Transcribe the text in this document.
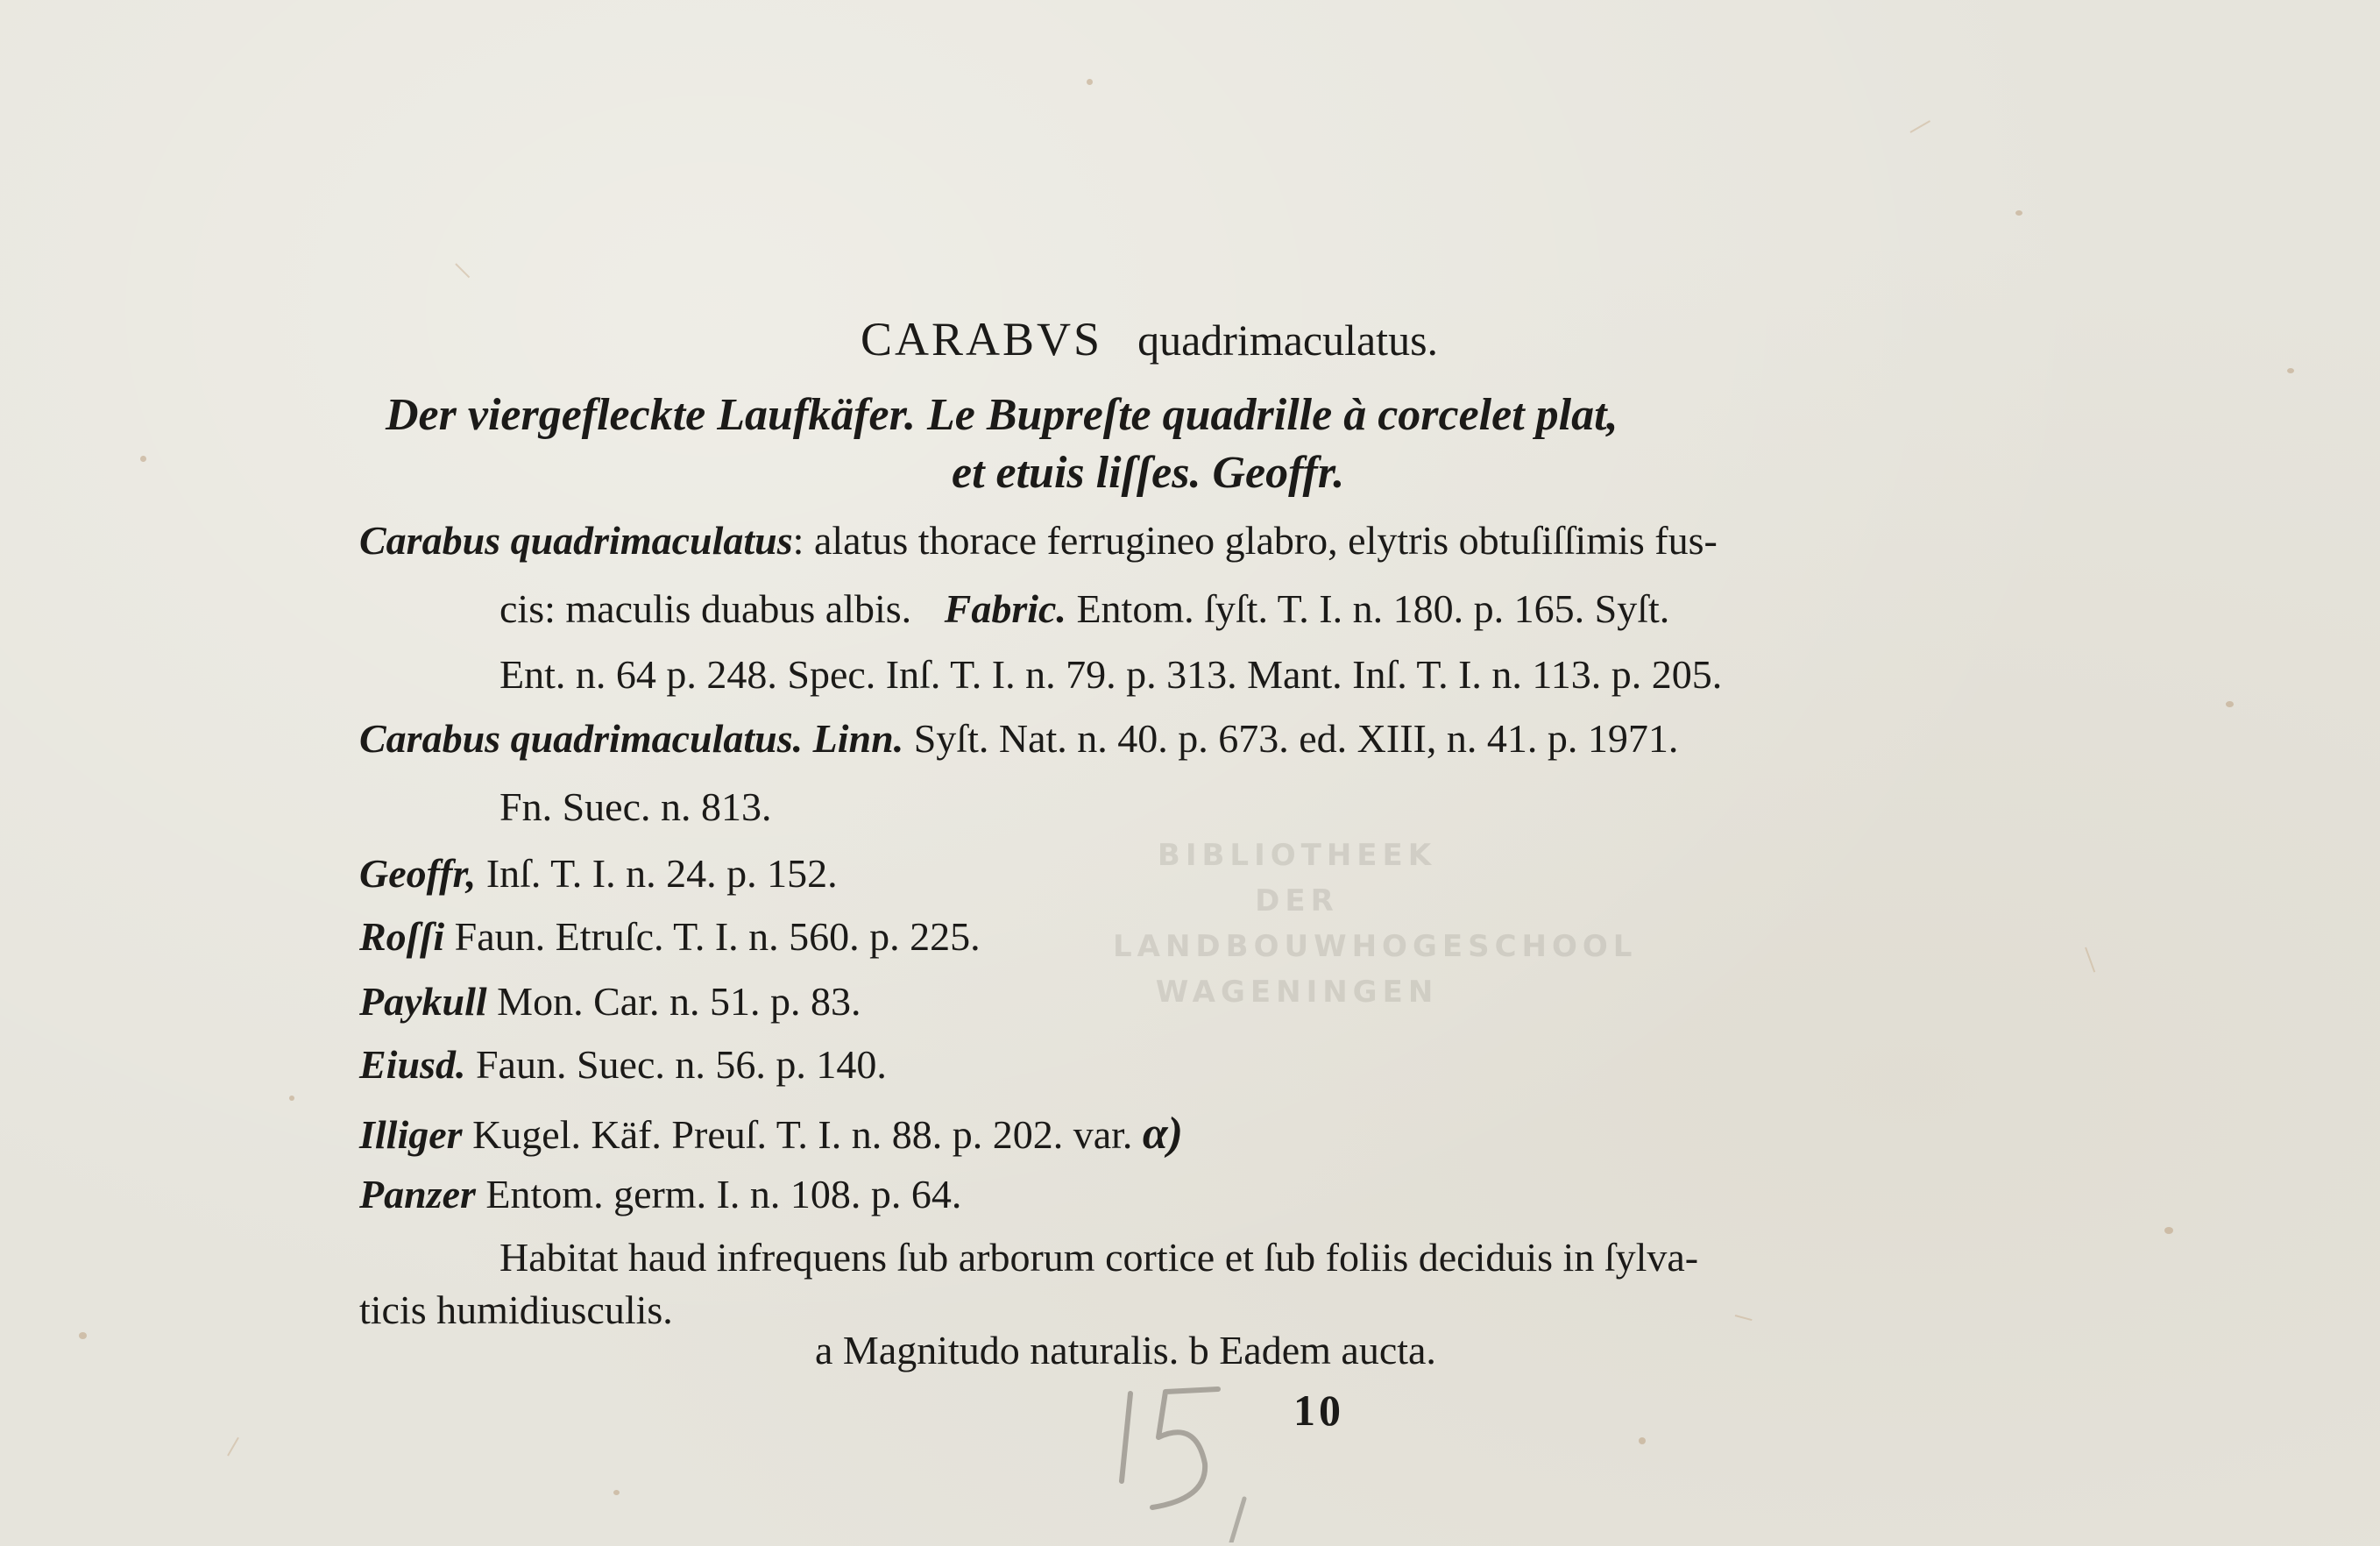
BIBLIOTHEEK
DER
LANDBOUWHOGESCHOOL
WAGENINGEN
CARABVS quadrimaculatus.
Der viergefleckte Laufkäfer. Le Bupreſte quadrille à corcelet plat,
et etuis liſſes. Geoffr.
Carabus quadrimaculatus: alatus thorace ferrugineo glabro, elytris obtuſiſſimis fus-
cis: maculis duabus albis. Fabric. Entom. ſyſt. T. I. n. 180. p. 165. Syſt.
Ent. n. 64 p. 248. Spec. Inſ. T. I. n. 79. p. 313. Mant. Inſ. T. I. n. 113. p. 205.
Carabus quadrimaculatus. Linn. Syſt. Nat. n. 40. p. 673. ed. XIII, n. 41. p. 1971.
Fn. Suec. n. 813.
Geoffr, Inſ. T. I. n. 24. p. 152.
Roſſi Faun. Etruſc. T. I. n. 560. p. 225.
Paykull Mon. Car. n. 51. p. 83.
Eiusd. Faun. Suec. n. 56. p. 140.
Illiger Kugel. Käf. Preuſ. T. I. n. 88. p. 202. var. α)
Panzer Entom. germ. I. n. 108. p. 64.
Habitat haud infrequens ſub arborum cortice et ſub foliis deciduis in ſylva-
ticis humidiusculis.
a Magnitudo naturalis. b Eadem aucta.
10
